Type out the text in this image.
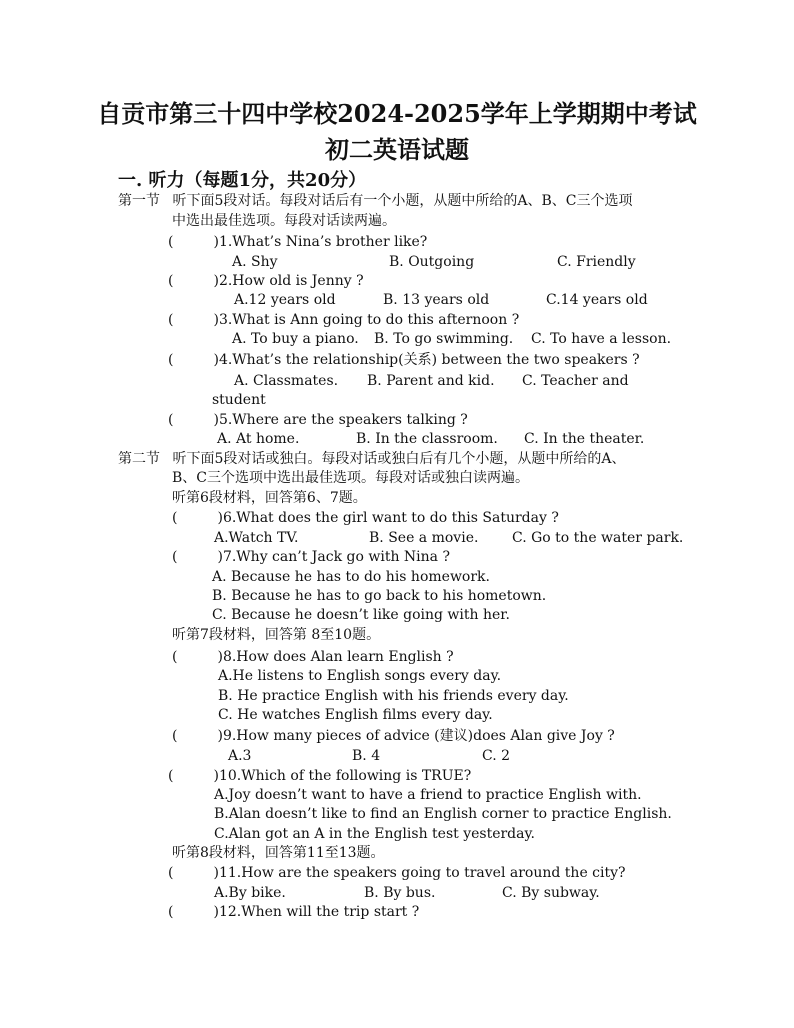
自贡市第三十四中学校2024-2025学年上学期期中考试
初二英语试题
一. 听力（每题1分，共20分）
第一节 听下面5段对话。每段对话后有一个小题，从题中所给的A、B、C三个选项
中选出最佳选项。每段对话读两遍。
(	)1.What’s Nina’s brother like?
A. Shy	B. Outgoing	C. Friendly
(	)2.How old is Jenny ?
A.12 years old	B. 13 years old	C.14 years old
(	)3.What is Ann going to do this afternoon ?
A. To buy a piano. B. To go swimming. C. To have a lesson.
(	)4.What’s the relationship(关系) between the two speakers ?
A. Classmates. B. Parent and kid. C. Teacher and
student
(	)5.Where are the speakers talking ?
A. At home.	B. In the classroom. C. In the theater.
第二节 听下面5段对话或独白。每段对话或独白后有几个小题，从题中所给的A、
B、C三个选项中选出最佳选项。每段对话或独白读两遍。
听第6段材料，回答第6、7题。
(	)6.What does the girl want to do this Saturday ?
A.Watch TV.	B. See a movie. C. Go to the water park.
(	)7.Why can’t Jack go with Nina ?
A. Because he has to do his homework.
B. Because he has to go back to his hometown.
C. Because he doesn’t like going with her.
听第7段材料，回答第 8至10题。
(	)8.How does Alan learn English ?
A.He listens to English songs every day.
B. He practice English with his friends every day.
C. He watches English films every day.
(	)9.How many pieces of advice (建议)does Alan give Joy ?
A.3	B. 4	C. 2
(	)10.Which of the following is TRUE?
A.Joy doesn’t want to have a friend to practice English with.
B.Alan doesn’t like to find an English corner to practice English.
C.Alan got an A in the English test yesterday.
听第8段材料，回答第11至13题。
(	)11.How are the speakers going to travel around the city?
A.By bike.	B. By bus.	C. By subway.
(	)12.When will the trip start ?
